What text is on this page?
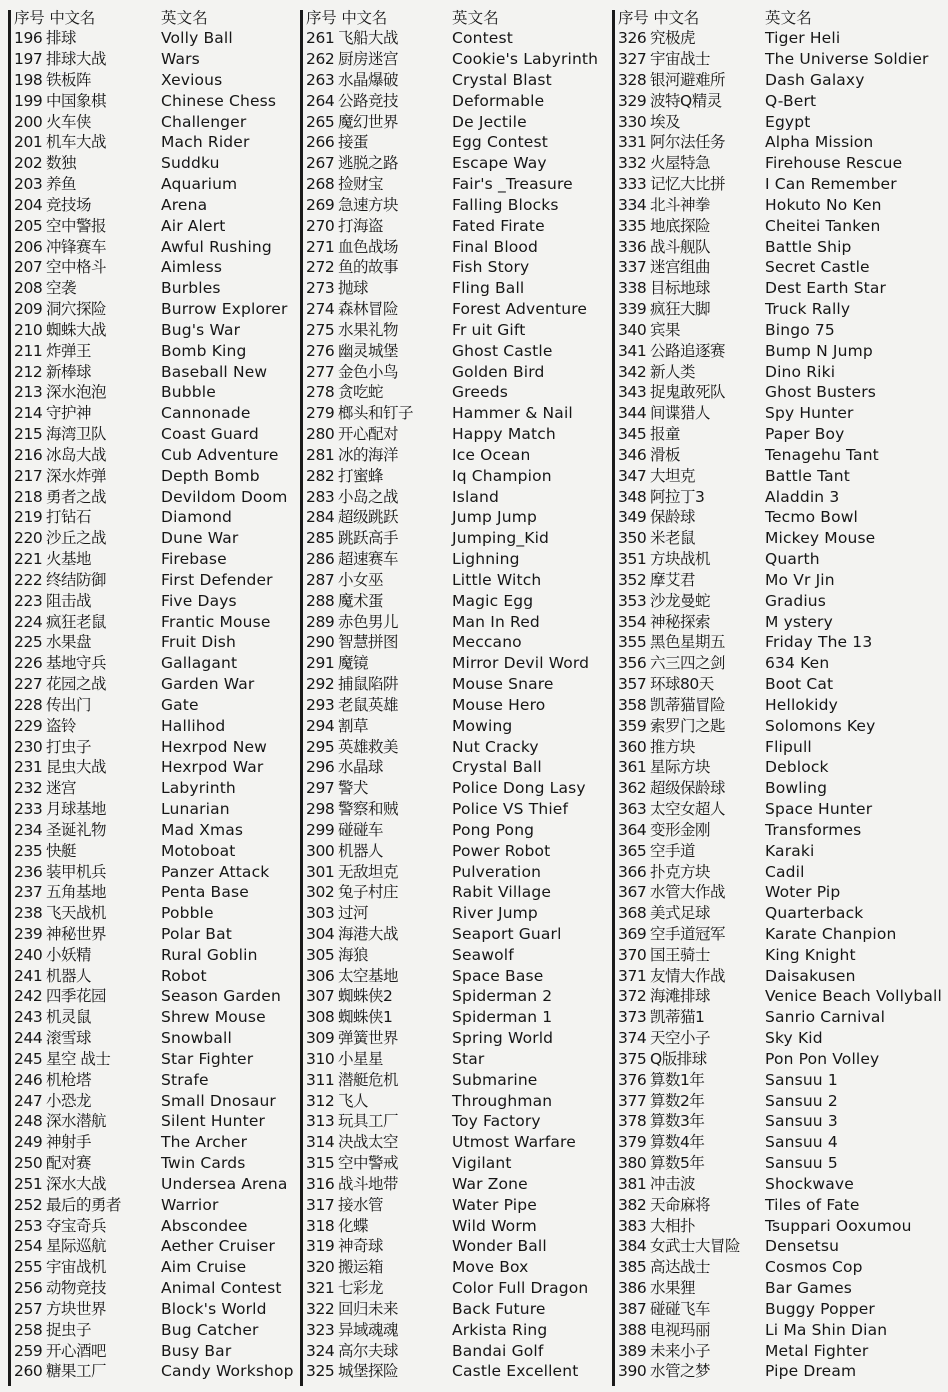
序号 中文名	英文名
196 排球	Volly Ball
197 排球大战	Wars
198 铁板阵	Xevious
199 中国象棋	Chinese Chess
200 火车侠	Challenger
201 机车大战	Mach Rider
202 数独	Suddku
203 养鱼	Aquarium
204 竞技场	Arena
205 空中警报	Air Alert
206 冲锋赛车	Awful Rushing
207 空中格斗	Aimless
208 空袭	Burbles
209 洞穴探险	Burrow Explorer
210 蜘蛛大战	Bug's War
211 炸弹王	Bomb King
212 新棒球	Baseball New
213 深水泡泡	Bubble
214 守护神	Cannonade
215 海湾卫队	Coast Guard
216 冰岛大战	Cub Adventure
217 深水炸弹	Depth Bomb
218 勇者之战	Devildom Doom
219 打钻石	Diamond
220 沙丘之战	Dune War
221 火基地	Firebase
222 终结防御	First Defender
223 阻击战	Five Days
224 疯狂老鼠	Frantic Mouse
225 水果盘	Fruit Dish
226 基地守兵	Gallagant
227 花园之战	Garden War
228 传出门	Gate
229 盗铃	Hallihod
230 打虫子	Hexrpod New
231 昆虫大战	Hexrpod War
232 迷宫	Labyrinth
233 月球基地	Lunarian
234 圣诞礼物	Mad Xmas
235 快艇	Motoboat
236 装甲机兵	Panzer Attack
237 五角基地	Penta Base
238 飞天战机	Pobble
239 神秘世界	Polar Bat
240 小妖精	Rural Goblin
241 机器人	Robot
242 四季花园	Season Garden
243 机灵鼠	Shrew Mouse
244 滚雪球	Snowball
245 星空 战士	Star Fighter
246 机枪塔	Strafe
247 小恐龙	Small Dnosaur
248 深水潜航	Silent Hunter
249 神射手	The Archer
250 配对赛	Twin Cards
251 深水大战	Undersea Arena
252 最后的勇者	Warrior
253 夺宝奇兵	Abscondee
254 星际巡航	Aether Cruiser
255 宇宙战机	Aim Cruise
256 动物竞技	Animal Contest
257 方块世界	Block's World
258 捉虫子	Bug Catcher
259 开心酒吧	Busy Bar
260 糖果工厂	Candy Workshop
序号 中文名	英文名
261 飞船大战	Contest
262 厨房迷宫	Cookie's Labyrinth
263 水晶爆破	Crystal Blast
264 公路竞技	Deformable
265 魔幻世界	De Jectile
266 接蛋	Egg Contest
267 逃脱之路	Escape Way
268 捡财宝	Fair's _Treasure
269 急速方块	Falling Blocks
270 打海盗	Fated Firate
271 血色战场	Final Blood
272 鱼的故事	Fish Story
273 抛球	Fling Ball
274 森林冒险	Forest Adventure
275 水果礼物	Fr uit Gift
276 幽灵城堡	Ghost Castle
277 金色小鸟	Golden Bird
278 贪吃蛇	Greeds
279 榔头和钉子	Hammer & Nail
280 开心配对	Happy Match
281 冰的海洋	Ice Ocean
282 打蜜蜂	Iq Champion
283 小岛之战	Island
284 超级跳跃	Jump Jump
285 跳跃高手	Jumping_Kid
286 超速赛车	Lighning
287 小女巫	Little Witch
288 魔术蛋	Magic Egg
289 赤色男儿	Man In Red
290 智慧拼图	Meccano
291 魔镜	Mirror Devil Word
292 捕鼠陷阱	Mouse Snare
293 老鼠英雄	Mouse Hero
294 割草	Mowing
295 英雄救美	Nut Cracky
296 水晶球	Crystal Ball
297 警犬	Police Dong Lasy
298 警察和贼	Police VS Thief
299 碰碰车	Pong Pong
300 机器人	Power Robot
301 无敌坦克	Pulveration
302 兔子村庄	Rabit Village
303 过河	River Jump
304 海港大战	Seaport Guarl
305 海狼	Seawolf
306 太空基地	Space Base
307 蜘蛛侠2	Spiderman 2
308 蜘蛛侠1	Spiderman 1
309 弹簧世界	Spring World
310 小星星	Star
311 潜艇危机	Submarine
312 飞人	Throughman
313 玩具工厂	Toy Factory
314 决战太空	Utmost Warfare
315 空中警戒	Vigilant
316 战斗地带	War Zone
317 接水管	Water Pipe
318 化蝶	Wild Worm
319 神奇球	Wonder Ball
320 搬运箱	Move Box
321 七彩龙	Color Full Dragon
322 回归未来	Back Future
323 异域魂魂	Arkista Ring
324 高尔夫球	Bandai Golf
325 城堡探险	Castle Excellent
序号 中文名	英文名
326 究极虎	Tiger Heli
327 宇宙战士	The Universe Soldier
328 银河避难所	Dash Galaxy
329 波特Q精灵	Q-Bert
330 埃及	Egypt
331 阿尔法任务	Alpha Mission
332 火屋特急	Firehouse Rescue
333 记忆大比拼	I Can Remember
334 北斗神拳	Hokuto No Ken
335 地底探险	Cheitei Tanken
336 战斗舰队	Battle Ship
337 迷宫组曲	Secret Castle
338 目标地球	Dest Earth Star
339 疯狂大脚	Truck Rally
340 宾果	Bingo 75
341 公路追逐赛	Bump N Jump
342 新人类	Dino Riki
343 捉鬼敢死队	Ghost Busters
344 间谍猎人	Spy Hunter
345 报童	Paper Boy
346 滑板	Tenagehu Tant
347 大坦克	Battle Tant
348 阿拉丁3	Aladdin 3
349 保龄球	Tecmo Bowl
350 米老鼠	Mickey Mouse
351 方块战机	Quarth
352 摩艾君	Mo Vr Jin
353 沙龙曼蛇	Gradius
354 神秘探索	M ystery
355 黑色星期五	Friday The 13
356 六三四之剑	634 Ken
357 环球80天	Boot Cat
358 凯蒂猫冒险	Hellokidy
359 索罗门之匙	Solomons Key
360 推方块	Flipull
361 星际方块	Deblock
362 超级保龄球	Bowling
363 太空女超人	Space Hunter
364 变形金刚	Transformes
365 空手道	Karaki
366 扑克方块	Cadil
367 水管大作战	Woter Pip
368 美式足球	Quarterback
369 空手道冠军	Karate Chanpion
370 国王骑士	King Knight
371 友情大作战	Daisakusen
372 海滩排球	Venice Beach Vollyball
373 凯蒂猫1	Sanrio Carnival
374 天空小子	Sky Kid
375 Q版排球	Pon Pon Volley
376 算数1年	Sansuu 1
377 算数2年	Sansuu 2
378 算数3年	Sansuu 3
379 算数4年	Sansuu 4
380 算数5年	Sansuu 5
381 冲击波	Shockwave
382 天命麻将	Tiles of Fate
383 大相扑	Tsuppari Ooxumou
384 女武士大冒险 Densetsu
385 高达战士	Cosmos Cop
386 水果狸	Bar Games
387 碰碰飞车	Buggy Popper
388 电视玛丽	Li Ma Shin Dian
389 未来小子	Metal Fighter
390 水管之梦	Pipe Dream
